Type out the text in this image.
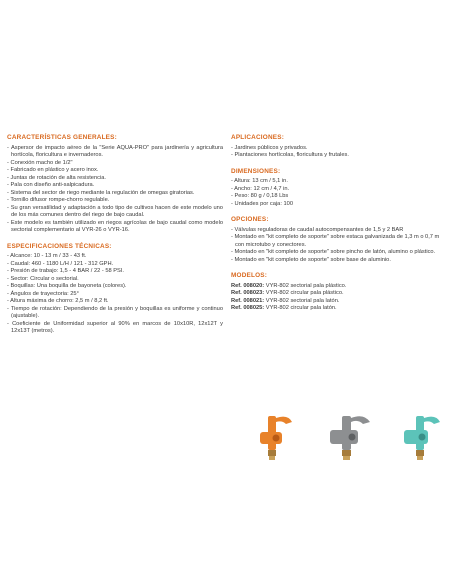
CARACTERÍSTICAS GENERALES:
- Aspersor de impacto aéreo de la "Serie AQUA-PRO" para jardinería y agricultura hortícola, floricultura e invernaderos.
- Conexión macho de 1/2"
- Fabricado en plástico y acero inox.
- Juntas de rotación de alta resistencia.
- Pala con diseño anti-salpicadura.
- Sistema del sector de riego mediante la regulación de omegas giratorias.
- Tornillo difusor rompe-chorro regulable.
- Su gran versatilidad y adaptación a todo tipo de cultivos hacen de este modelo uno de los más comunes dentro del riego de bajo caudal.
- Este modelo es también utilizado en riegos agrícolas de bajo caudal como modelo sectorial complementario al VYR-26 o VYR-16.
ESPECIFICACIONES TÉCNICAS:
- Alcance: 10 - 13 m / 33 - 43 ft.
- Caudal: 460 - 1180 L/H / 121 - 312 GPH.
- Presión de trabajo: 1,5 - 4 BAR / 22 - 58 PSI.
- Sector: Circular o sectorial.
- Boquillas: Una boquilla de bayoneta (colores).
- Ángulos de trayectoria: 25°
- Altura máxima de chorro: 2,5 m / 8,2 ft.
- Tiempo de rotación: Dependiendo de la presión y boquillas es uniforme y continuo (ajustable).
- Coeficiente de Uniformidad superior al 90% en marcos de 10x10R, 12x12T y 12x13T (metros).
APLICACIONES:
- Jardines públicos y privados.
- Plantaciones hortícolas, floricultura y frutales.
DIMENSIONES:
- Altura: 13 cm / 5,1 in.
- Ancho: 12 cm / 4,7 in.
- Peso: 80 g / 0,18 Lbs
- Unidades por caja: 100
OPCIONES:
- Válvulas reguladoras de caudal autocompensantes de 1,5 y 2 BAR
- Montado en "kit completo de soporte" sobre estaca galvanizada de 1,3 m o 0,7 m con microtubo y conectores.
- Montado en "kit completo de soporte" sobre pincho de latón, alumino o plástico.
- Montado en "kit completo de soporte" sobre base de aluminio.
MODELOS:
Ref. 008020: VYR-802 sectorial pala plástico.
Ref. 008023: VYR-802 circular pala plástico.
Ref. 008021: VYR-802 sectorial pala latón.
Ref. 008025: VYR-802 circular pala latón.
